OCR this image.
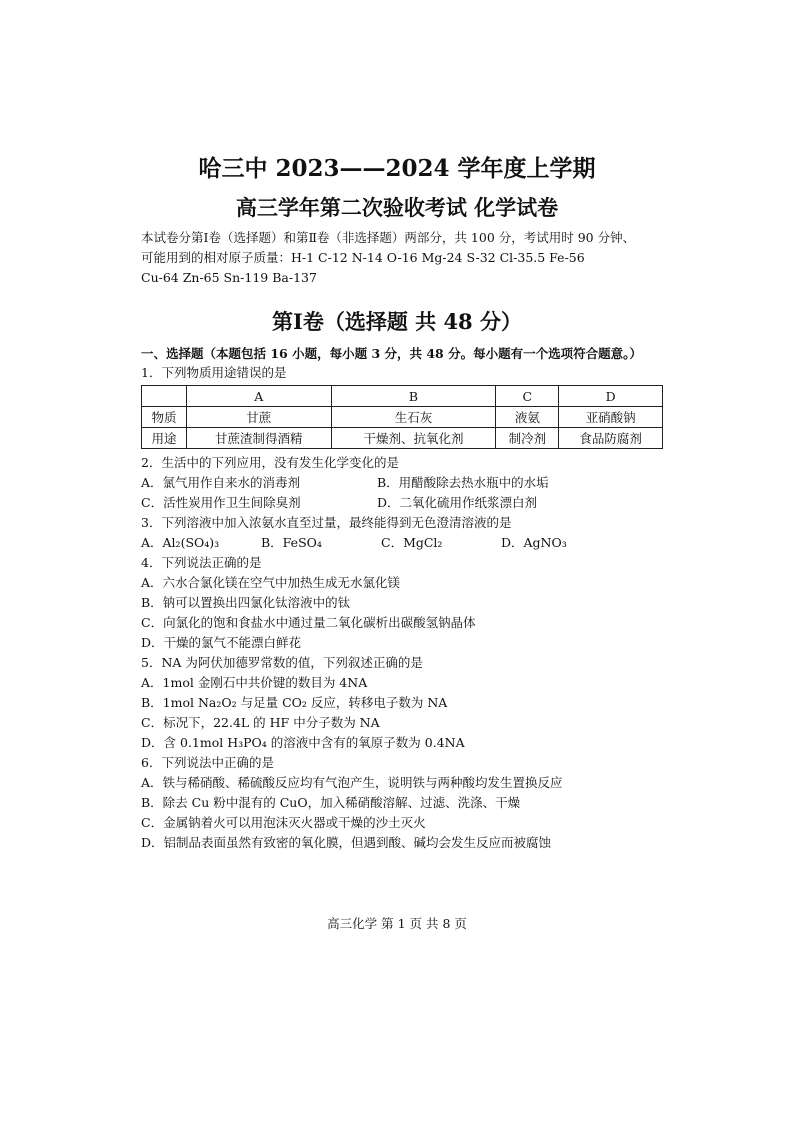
哈三中 2023——2024 学年度上学期
高三学年第二次验收考试 化学试卷
本试卷分第Ⅰ卷（选择题）和第Ⅱ卷（非选择题）两部分，共 100 分，考试用时 90 分钟、
可能用到的相对原子质量：H-1 C-12 N-14 O-16 Mg-24 S-32 Cl-35.5 Fe-56
Cu-64 Zn-65 Sn-119 Ba-137
第Ⅰ卷（选择题 共 48 分）
一、选择题（本题包括 16 小题，每小题 3 分，共 48 分。每小题有一个选项符合题意。）
1．下列物质用途错误的是
	A	B	C	D
物质	甘蔗	生石灰	液氨	亚硝酸钠
用途	甘蔗渣制得酒精	干燥剂、抗氧化剂	制冷剂	食品防腐剂
2．生活中的下列应用，没有发生化学变化的是
A．氯气用作自来水的消毒剂	B．用醋酸除去热水瓶中的水垢
C．活性炭用作卫生间除臭剂	D．二氧化硫用作纸浆漂白剂
3．下列溶液中加入浓氨水直至过量，最终能得到无色澄清溶液的是
A．Al₂(SO₄)₃	B．FeSO₄	C．MgCl₂	D．AgNO₃
4．下列说法正确的是
A．六水合氯化镁在空气中加热生成无水氯化镁
B．钠可以置换出四氯化钛溶液中的钛
C．向氯化的饱和食盐水中通过量二氧化碳析出碳酸氢钠晶体
D．干燥的氯气不能漂白鲜花
5．NA 为阿伏加德罗常数的值，下列叙述正确的是
A．1mol 金刚石中共价键的数目为 4NA
B．1mol Na₂O₂ 与足量 CO₂ 反应，转移电子数为 NA
C．标况下，22.4L 的 HF 中分子数为 NA
D．含 0.1mol H₃PO₄ 的溶液中含有的氧原子数为 0.4NA
6．下列说法中正确的是
A．铁与稀硝酸、稀硫酸反应均有气泡产生，说明铁与两种酸均发生置换反应
B．除去 Cu 粉中混有的 CuO，加入稀硝酸溶解、过滤、洗涤、干燥
C．金属钠着火可以用泡沫灭火器或干燥的沙土灭火
D．铝制品表面虽然有致密的氧化膜，但遇到酸、碱均会发生反应而被腐蚀
高三化学 第 1 页 共 8 页
